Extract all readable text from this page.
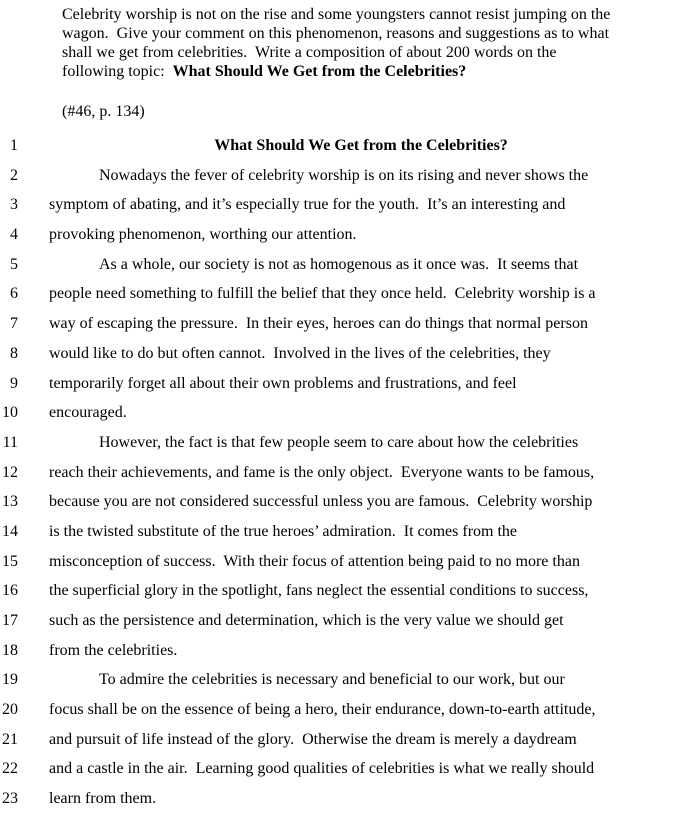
Celebrity worship is not on the rise and some youngsters cannot resist jumping on the
wagon.  Give your comment on this phenomenon, reasons and suggestions as to what
shall we get from celebrities.  Write a composition of about 200 words on the
following topic:  What Should We Get from the Celebrities?
(#46, p. 134)
1	What Should We Get from the Celebrities?
2	Nowadays the fever of celebrity worship is on its rising and never shows the
3 symptom of abating, and it’s especially true for the youth.  It’s an interesting and
4 provoking phenomenon, worthing our attention.
5	As a whole, our society is not as homogenous as it once was.  It seems that
6 people need something to fulfill the belief that they once held.  Celebrity worship is a
7 way of escaping the pressure.  In their eyes, heroes can do things that normal person
8 would like to do but often cannot.  Involved in the lives of the celebrities, they
9 temporarily forget all about their own problems and frustrations, and feel
10 encouraged.
11	However, the fact is that few people seem to care about how the celebrities
12 reach their achievements, and fame is the only object.  Everyone wants to be famous,
13 because you are not considered successful unless you are famous.  Celebrity worship
14 is the twisted substitute of the true heroes’ admiration.  It comes from the
15 misconception of success.  With their focus of attention being paid to no more than
16 the superficial glory in the spotlight, fans neglect the essential conditions to success,
17 such as the persistence and determination, which is the very value we should get
18 from the celebrities.
19	To admire the celebrities is necessary and beneficial to our work, but our
20 focus shall be on the essence of being a hero, their endurance, down-to-earth attitude,
21 and pursuit of life instead of the glory.  Otherwise the dream is merely a daydream
22 and a castle in the air.  Learning good qualities of celebrities is what we really should
23 learn from them.
